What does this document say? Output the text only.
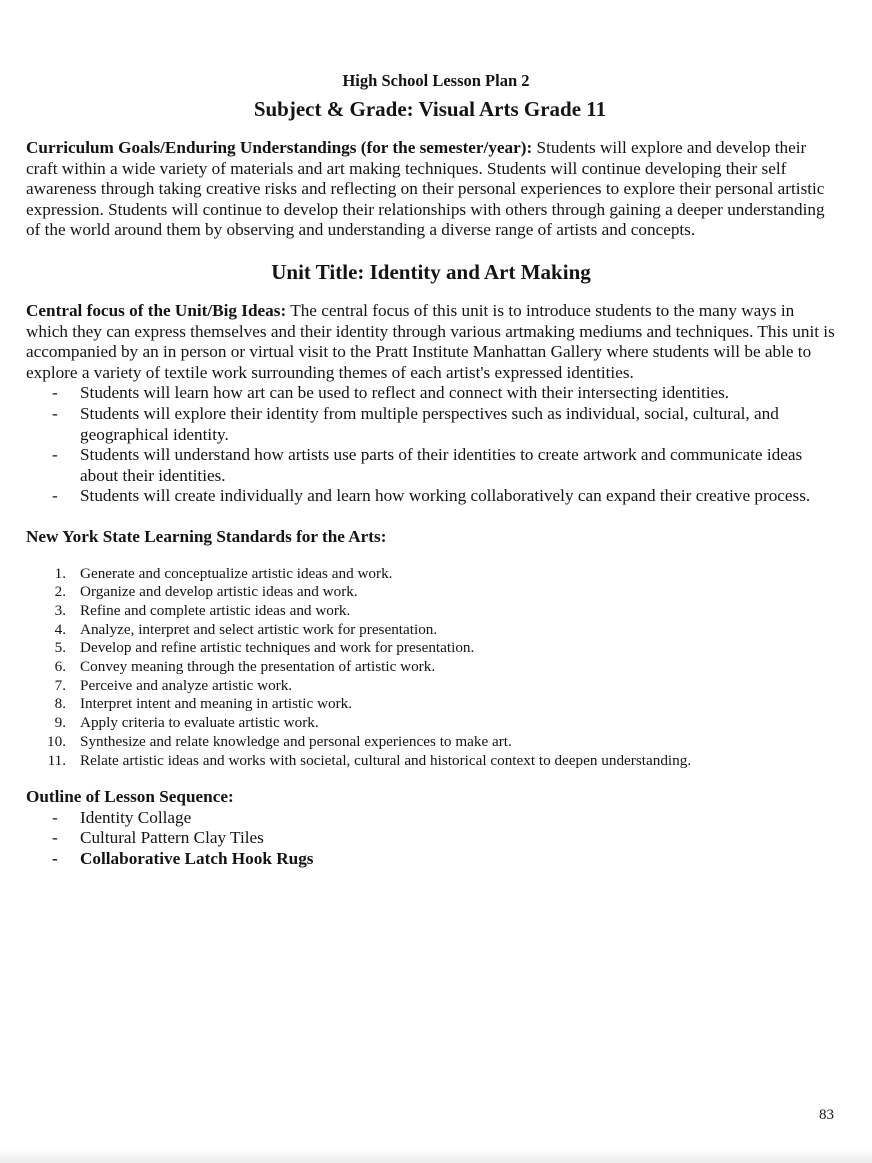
High School Lesson Plan 2

Subject & Grade: Visual Arts Grade 11

Curriculum Goals/Enduring Understandings (for the semester/year): Students will explore and develop their craft within a wide variety of materials and art making techniques. Students will continue developing their self awareness through taking creative risks and reflecting on their personal experiences to explore their personal artistic expression. Students will continue to develop their relationships with others through gaining a deeper understanding of the world around them by observing and understanding a diverse range of artists and concepts.

Unit Title: Identity and Art Making

Central focus of the Unit/Big Ideas: The central focus of this unit is to introduce students to the many ways in which they can express themselves and their identity through various artmaking mediums and techniques. This unit is accompanied by an in person or virtual visit to the Pratt Institute Manhattan Gallery where students will be able to explore a variety of textile work surrounding themes of each artist's expressed identities.

- Students will learn how art can be used to reflect and connect with their intersecting identities.
- Students will explore their identity from multiple perspectives such as individual, social, cultural, and geographical identity.
- Students will understand how artists use parts of their identities to create artwork and communicate ideas about their identities.
- Students will create individually and learn how working collaboratively can expand their creative process.

New York State Learning Standards for the Arts:

1. Generate and conceptualize artistic ideas and work.
2. Organize and develop artistic ideas and work.
3. Refine and complete artistic ideas and work.
4. Analyze, interpret and select artistic work for presentation.
5. Develop and refine artistic techniques and work for presentation.
6. Convey meaning through the presentation of artistic work.
7. Perceive and analyze artistic work.
8. Interpret intent and meaning in artistic work.
9. Apply criteria to evaluate artistic work.
10. Synthesize and relate knowledge and personal experiences to make art.
11. Relate artistic ideas and works with societal, cultural and historical context to deepen understanding.

Outline of Lesson Sequence:

- Identity Collage
- Cultural Pattern Clay Tiles
- Collaborative Latch Hook Rugs
83
